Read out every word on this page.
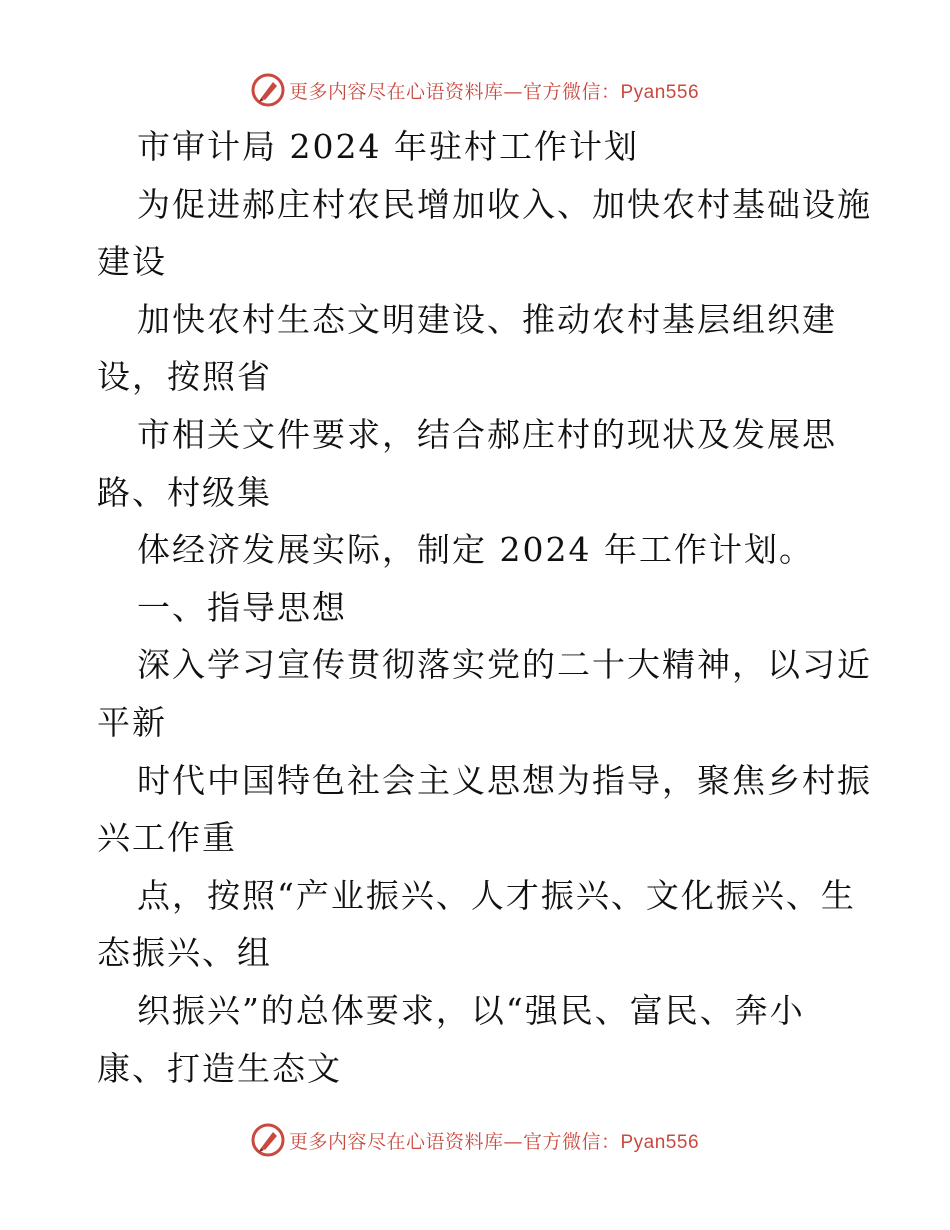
更多内容尽在心语资料库—官方微信：Pyan556
市审计局 2024 年驻村工作计划
为促进郝庄村农民增加收入、加快农村基础设施
建设
加快农村生态文明建设、推动农村基层组织建
设，按照省
市相关文件要求，结合郝庄村的现状及发展思
路、村级集
体经济发展实际，制定 2024 年工作计划。
一、指导思想
深入学习宣传贯彻落实党的二十大精神，以习近
平新
时代中国特色社会主义思想为指导，聚焦乡村振
兴工作重
点，按照“产业振兴、人才振兴、文化振兴、生
态振兴、组
织振兴”的总体要求，以“强民、富民、奔小
康、打造生态文
更多内容尽在心语资料库—官方微信：Pyan556
